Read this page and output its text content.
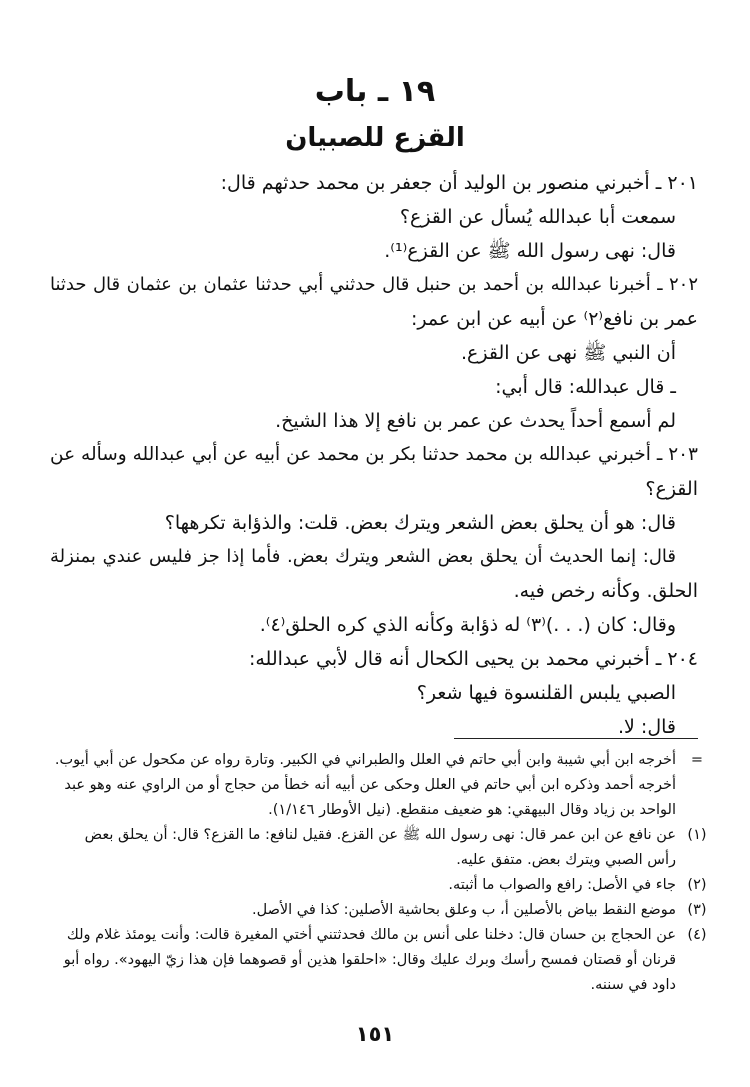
١٩ ـ باب
القزع للصبيان
٢٠١ ـ أخبرني منصور بن الوليد أن جعفر بن محمد حدثهم قال:
سمعت أبا عبدالله يُسأل عن القزع؟
قال: نهى رسول الله ﷺ عن القزع⁽¹⁾.
٢٠٢ ـ أخبرنا عبدالله بن أحمد بن حنبل قال حدثني أبي حدثنا عثمان بن عثمان قال حدثنا
عمر بن نافع⁽٢⁾ عن أبيه عن ابن عمر:
أن النبي ﷺ نهى عن القزع.
ـ قال عبدالله: قال أبي:
لم أسمع أحداً يحدث عن عمر بن نافع إلا هذا الشيخ.
٢٠٣ ـ أخبرني عبدالله بن محمد حدثنا بكر بن محمد عن أبيه عن أبي عبدالله وسأله عن
القزع؟
قال: هو أن يحلق بعض الشعر ويترك بعض. قلت: والذؤابة تكرهها؟
قال: إنما الحديث أن يحلق بعض الشعر ويترك بعض. فأما إذا جز فليس عندي بمنزلة
الحلق. وكأنه رخص فيه.
وقال: كان (. . .)⁽٣⁾ له ذؤابة وكأنه الذي كره الحلق⁽٤⁾.
٢٠٤ ـ أخبرني محمد بن يحيى الكحال أنه قال لأبي عبدالله:
الصبي يلبس القلنسوة فيها شعر؟
قال: لا.
=
أخرجه ابن أبي شيبة وابن أبي حاتم في العلل والطبراني في الكبير. وتارة رواه عن مكحول عن أبي أيوب.
أخرجه أحمد وذكره ابن أبي حاتم في العلل وحكى عن أبيه أنه خطأ من حجاج أو من الراوي عنه وهو عبد
الواحد بن زياد وقال البيهقي: هو ضعيف منقطع. (نيل الأوطار ١/١٤٦).
(١)
عن نافع عن ابن عمر قال: نهى رسول الله ﷺ عن القزع. فقيل لنافع: ما القزع؟ قال: أن يحلق بعض
رأس الصبي ويترك بعض. متفق عليه.
(٢)
جاء في الأصل: رافع والصواب ما أثبته.
(٣)
موضع النقط بياض بالأصلين أ، ب وعلق بحاشية الأصلين: كذا في الأصل.
(٤)
عن الحجاج بن حسان قال: دخلنا على أنس بن مالك فحدثتني أختي المغيرة قالت: وأنت يومئذ غلام ولك
قرنان أو قصتان فمسح رأسك وبرك عليك وقال: «احلقوا هذين أو قصوهما فإن هذا زيّ اليهود». رواه أبو
داود في سننه.
١٥١
